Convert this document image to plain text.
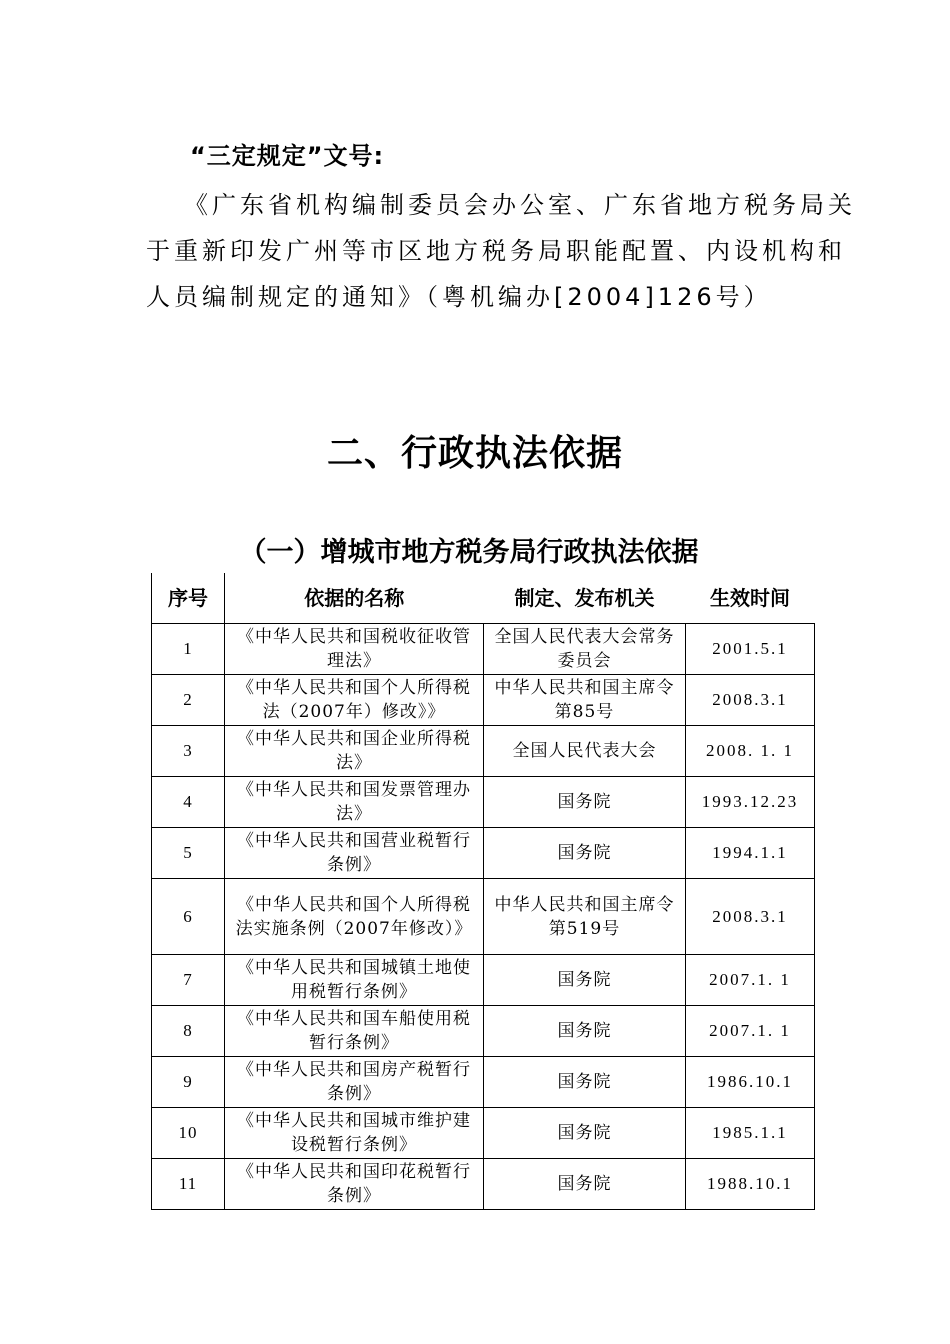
“三定规定”文号:
《广东省机构编制委员会办公室、广东省地方税务局关
于重新印发广州等市区地方税务局职能配置、内设机构和
人员编制规定的通知》（粤机编办[2004]126号）
二、行政执法依据
（一）增城市地方税务局行政执法依据
序号	依据的名称	制定、发布机关	生效时间
1	《中华人民共和国税收征收管理法》	全国人民代表大会常务委员会	2001.5.1
2	《中华人民共和国个人所得税法（2007年）修改》》	中华人民共和国主席令第85号	2008.3.1
3	《中华人民共和国企业所得税法》	全国人民代表大会	2008. 1. 1
4	《中华人民共和国发票管理办法》	国务院	1993.12.23
5	《中华人民共和国营业税暂行条例》	国务院	1994.1.1
6	《中华人民共和国个人所得税法实施条例（2007年修改）》	中华人民共和国主席令第519号	2008.3.1
7	《中华人民共和国城镇土地使用税暂行条例》	国务院	2007.1. 1
8	《中华人民共和国车船使用税暂行条例》	国务院	2007.1. 1
9	《中华人民共和国房产税暂行条例》	国务院	1986.10.1
10	《中华人民共和国城市维护建设税暂行条例》	国务院	1985.1.1
11	《中华人民共和国印花税暂行条例》	国务院	1988.10.1
